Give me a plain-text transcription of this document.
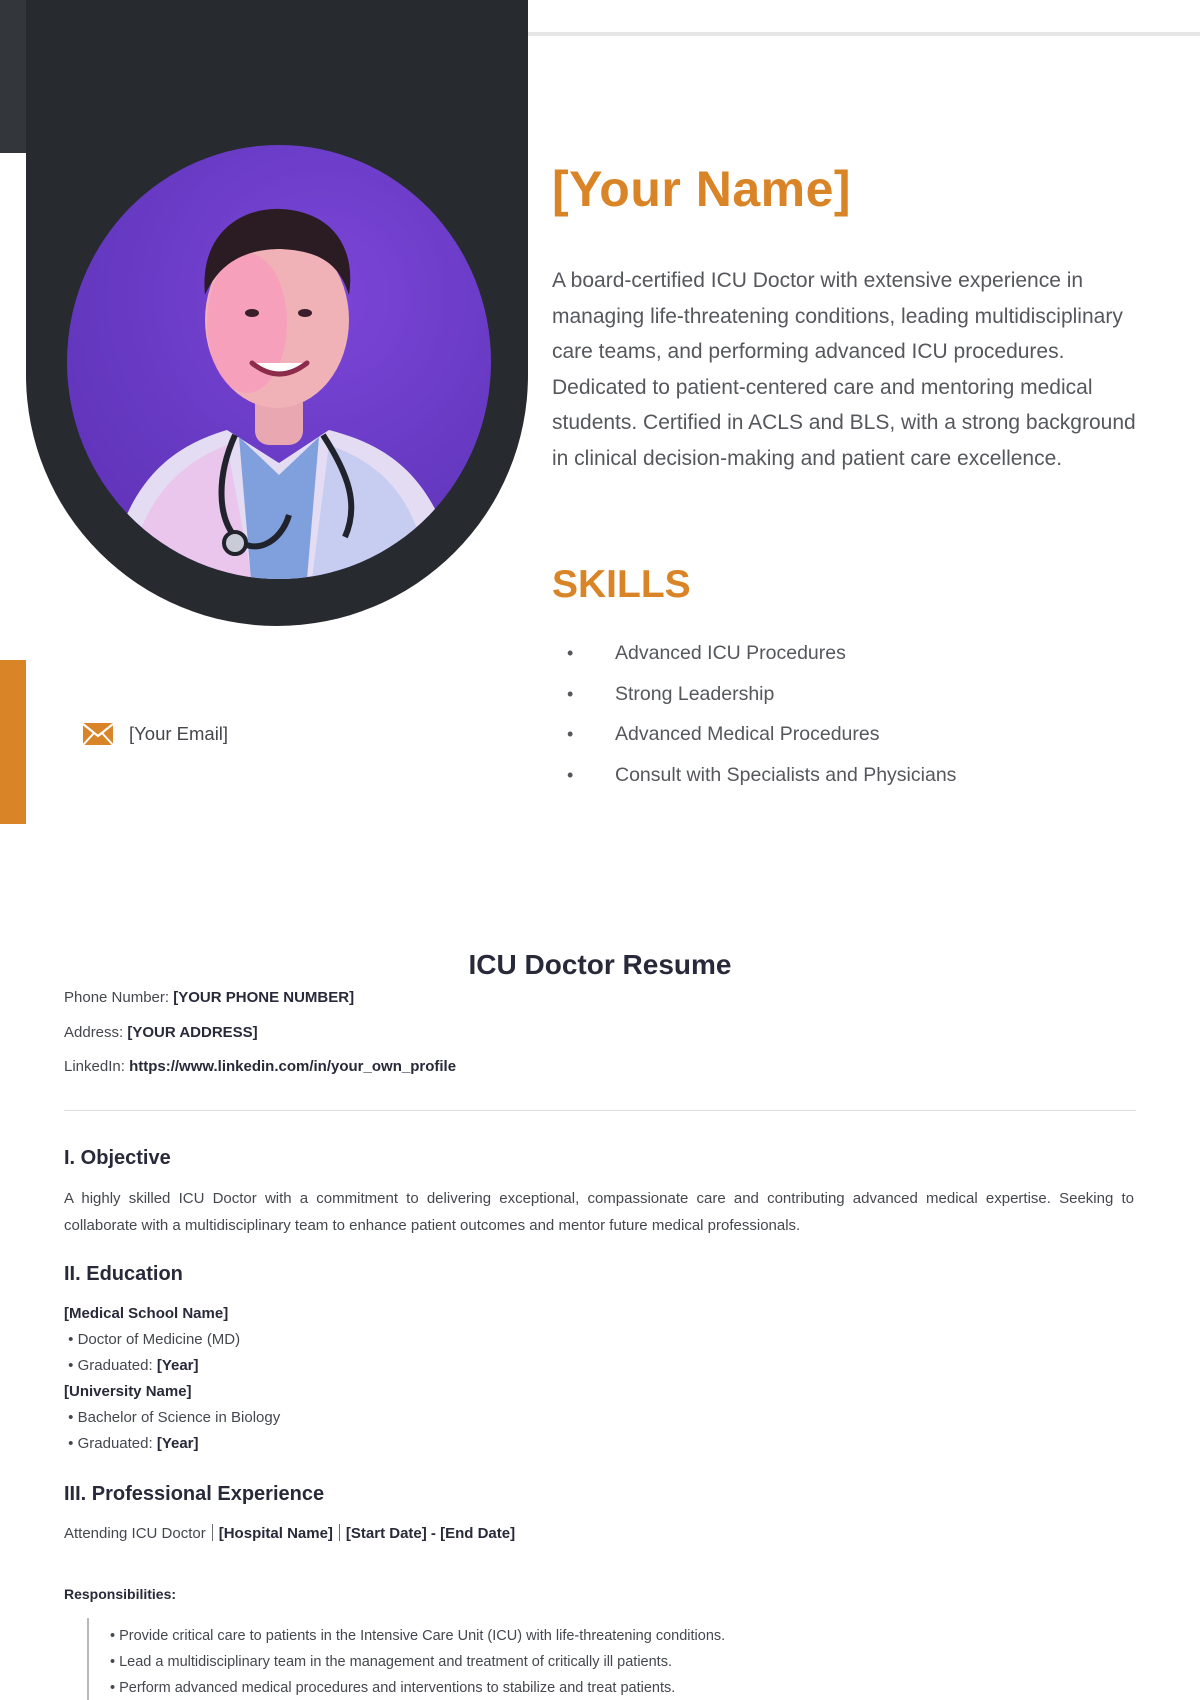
[Your Name]

A board-certified ICU Doctor with extensive experience in managing life-threatening conditions, leading multidisciplinary care teams, and performing advanced ICU procedures. Dedicated to patient-centered care and mentoring medical students. Certified in ACLS and BLS, with a strong background in clinical decision-making and patient care excellence.

SKILLS
• Advanced ICU Procedures
• Strong Leadership
• Advanced Medical Procedures
• Consult with Specialists and Physicians
[Your Email]
ICU Doctor Resume
Phone Number: [YOUR PHONE NUMBER]
Address: [YOUR ADDRESS]
LinkedIn: https://www.linkedin.com/in/your_own_profile
I. Objective

A highly skilled ICU Doctor with a commitment to delivering exceptional, compassionate care and contributing advanced medical expertise. Seeking to collaborate with a multidisciplinary team to enhance patient outcomes and mentor future medical professionals.

II. Education
[Medical School Name]
• Doctor of Medicine (MD)
• Graduated: [Year]
[University Name]
• Bachelor of Science in Biology
• Graduated: [Year]
III. Professional Experience
Attending ICU Doctor [Hospital Name] [Start Date] - [End Date]
Responsibilities:
• Provide critical care to patients in the Intensive Care Unit (ICU) with life-threatening conditions.
• Lead a multidisciplinary team in the management and treatment of critically ill patients.
• Perform advanced medical procedures and interventions to stabilize and treat patients.
